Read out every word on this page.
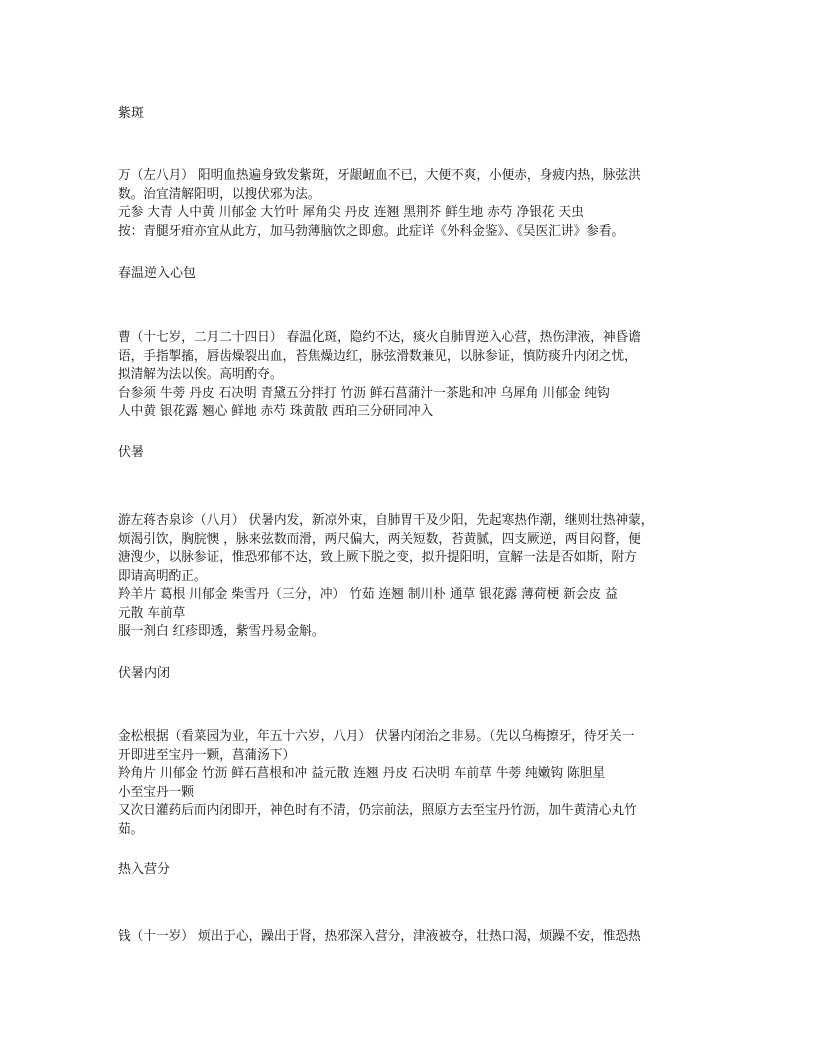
紫斑
万（左八月） 阳明血热遍身致发紫斑，牙龈衄血不已，大便不爽，小便赤，身疲内热，脉弦洪
数。治宜清解阳明，以搜伏邪为法。
元参 大青 人中黄 川郁金 大竹叶 犀角尖 丹皮 连翘 黑荆芥 鲜生地 赤芍 净银花 天虫
按：青腿牙疳亦宜从此方，加马勃薄脑饮之即愈。此症详《外科金鉴》、《吴医汇讲》参看。
春温逆入心包
曹（十七岁，二月二十四日） 春温化斑，隐约不达，痰火自肺胃逆入心营，热伤津液，神昏谵
语，手指掣搐，唇齿燥裂出血，苔焦燥边红，脉弦滑数兼见，以脉参证，慎防痰升内闭之忧，
拟清解为法以俟。高明酌夺。
台参须 牛蒡 丹皮 石决明 青黛五分拌打 竹沥 鲜石菖蒲汁一茶匙和冲 乌犀角 川郁金 纯钩
人中黄 银花露 翘心 鲜地 赤芍 珠黄散 西珀三分研同冲入
伏暑
游左蒋杏泉诊（八月） 伏暑内发，新凉外束，自肺胃干及少阳，先起寒热作潮，继则壮热神蒙，
烦渴引饮，胸脘懊 ，脉来弦数而滑，两尺偏大，两关短数，苔黄腻，四支厥逆，两目闷瞀，便
溏溲少，以脉参证，惟恐邪郁不达，致上厥下脱之变，拟升提阳明，宣解一法是否如斯，附方
即请高明酌正。
羚羊片 葛根 川郁金 柴雪丹（三分，冲） 竹茹 连翘 制川朴 通草 银花露 薄荷梗 新会皮 益
元散 车前草
服一剂白 红疹即透，紫雪丹易金斛。
伏暑内闭
金松根据（看菜园为业，年五十六岁，八月） 伏暑内闭治之非易。（先以乌梅擦牙，待牙关一
开即进至宝丹一颗，菖蒲汤下）
羚角片 川郁金 竹沥 鲜石菖根和冲 益元散 连翘 丹皮 石决明 车前草 牛蒡 纯嫩钩 陈胆星
小至宝丹一颗
又次日灌药后而内闭即开，神色时有不清，仍宗前法，照原方去至宝丹竹沥，加牛黄清心丸竹
茹。
热入营分
钱（十一岁） 烦出于心，躁出于肾，热邪深入营分，津液被夺，壮热口渴，烦躁不安，惟恐热
